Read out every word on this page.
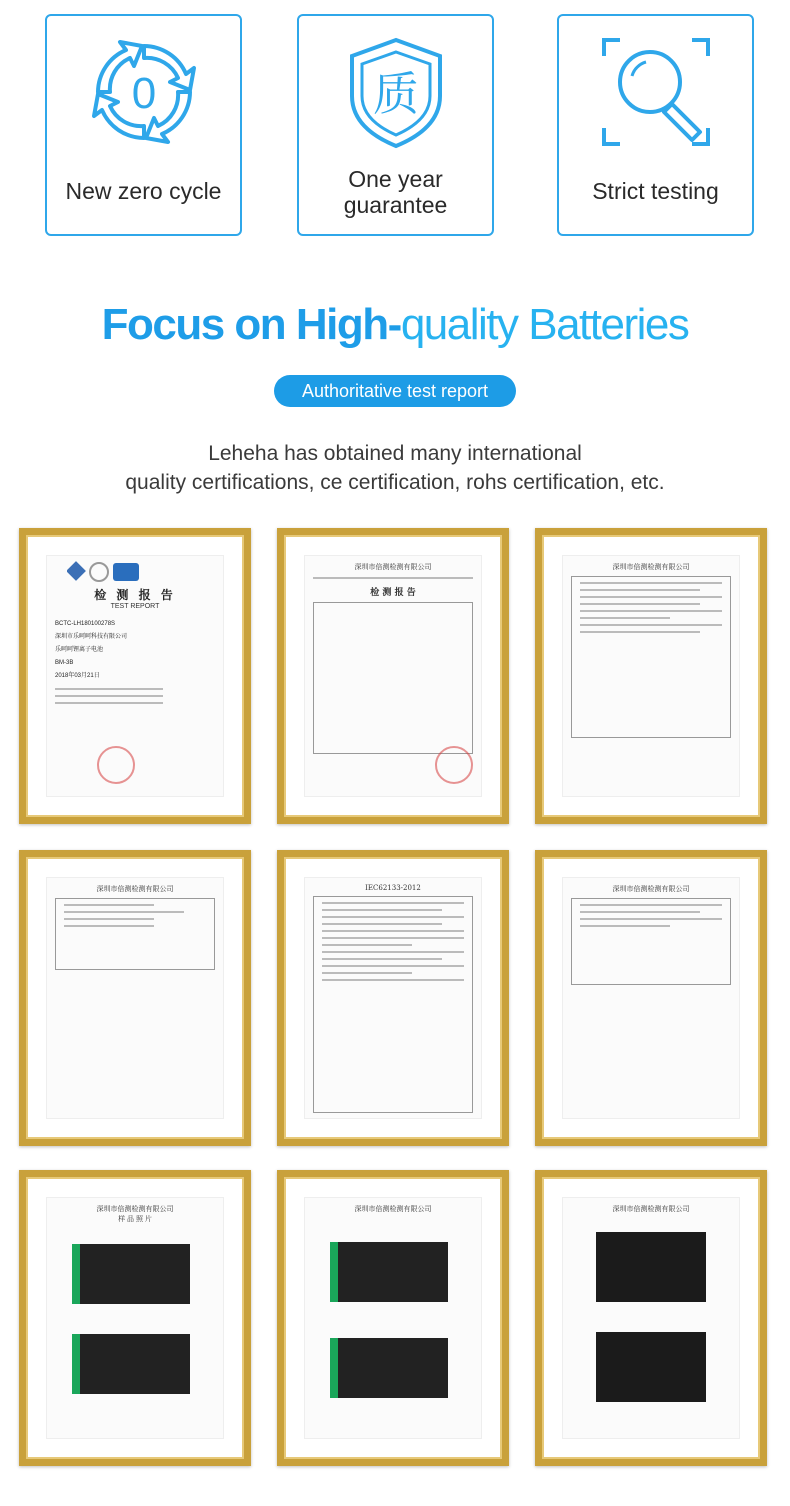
0
New zero cycle
质
One year
guarantee
Strict testing
Focus on High-quality Batteries
Authoritative test report
Leheha has obtained many international
quality certifications, ce certification, rohs certification, etc.
检 测 报 告
TEST REPORT
BCTC-LH180100278S
深圳市乐呵呵科技有限公司
乐呵呵锂离子电池
BM-3B
2018年03月21日
深圳市倍测检测有限公司
检 测 报 告
深圳市倍测检测有限公司
深圳市倍测检测有限公司	IEC62133-2012	深圳市倍测检测有限公司
深圳市倍测检测有限公司
样 品 照 片
深圳市倍测检测有限公司	深圳市倍测检测有限公司
